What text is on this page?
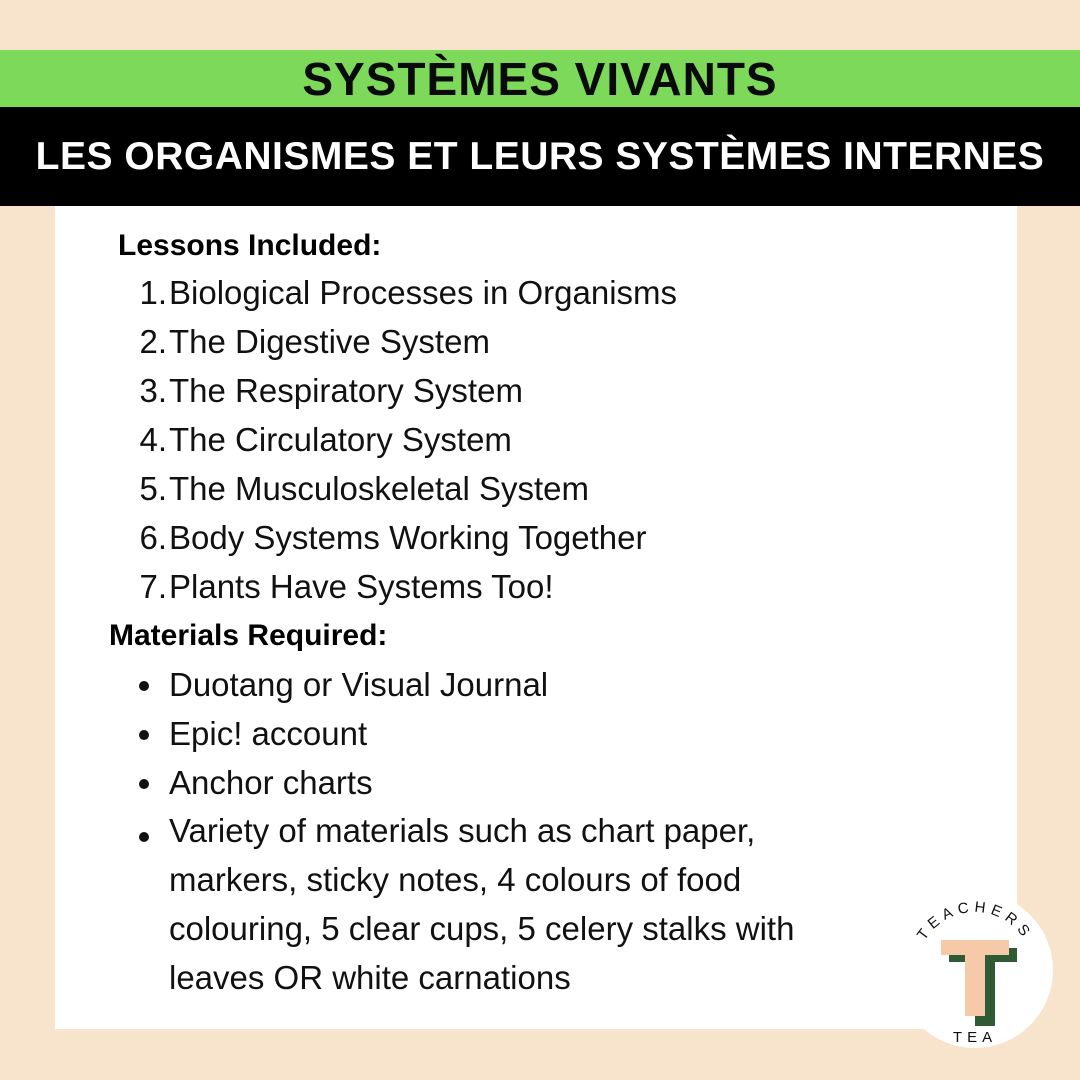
SYSTÈMES VIVANTS
LES ORGANISMES ET LEURS SYSTÈMES INTERNES
Lessons Included:
1. Biological Processes in Organisms
2. The Digestive System
3. The Respiratory System
4. The Circulatory System
5. The Musculoskeletal System
6. Body Systems Working Together
7. Plants Have Systems Too!
Materials Required:
Duotang or Visual Journal
Epic! account
Anchor charts
Variety of materials such as chart paper,
markers, sticky notes, 4 colours of food
colouring, 5 clear cups, 5 celery stalks with
leaves OR white carnations
TEACHERS
TEA
